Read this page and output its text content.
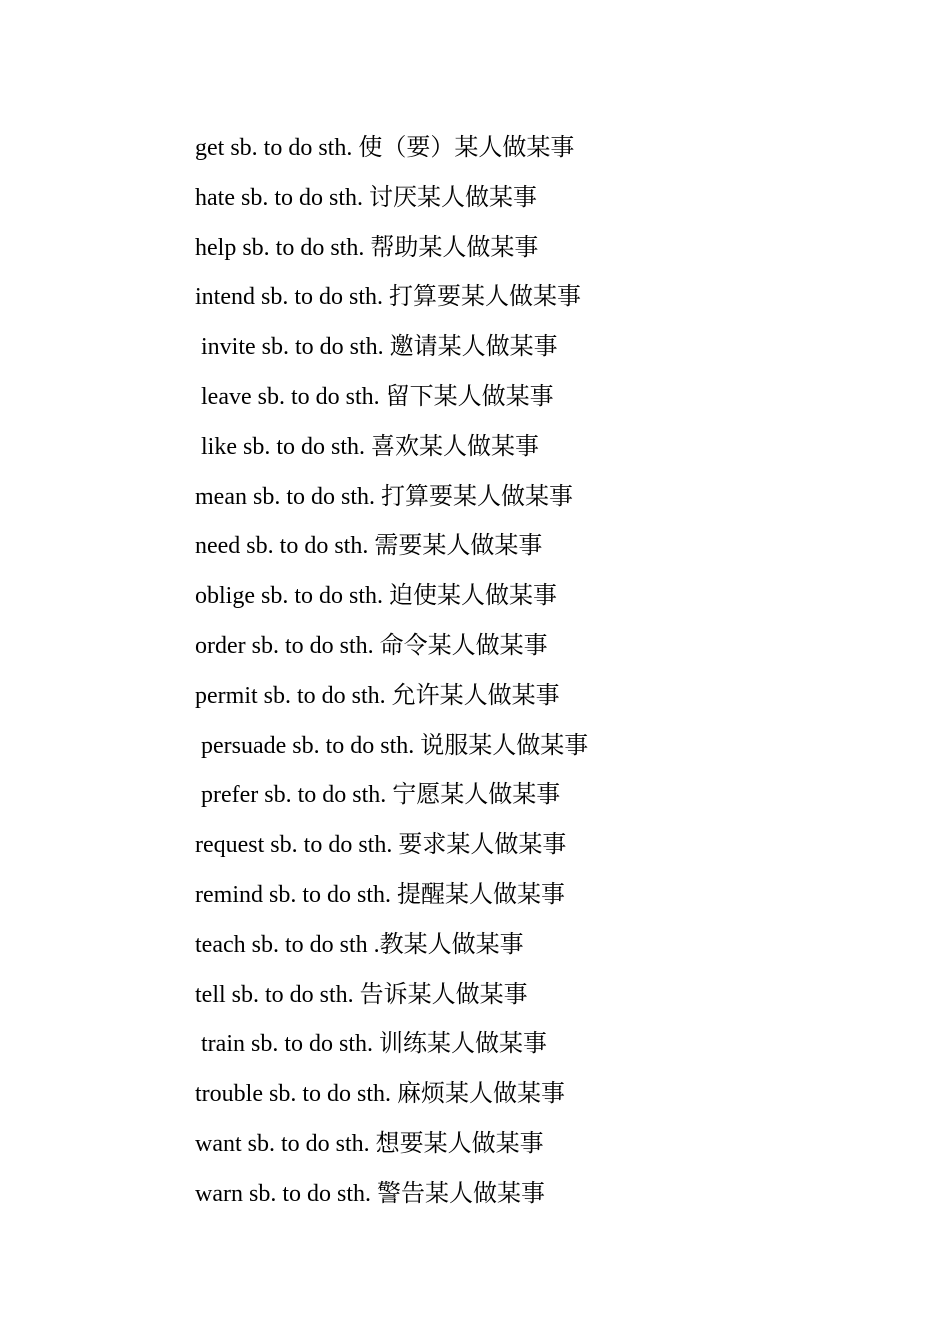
get sb. to do sth. 使（要）某人做某事
hate sb. to do sth. 讨厌某人做某事
help sb. to do sth. 帮助某人做某事
intend sb. to do sth. 打算要某人做某事
invite sb. to do sth. 邀请某人做某事
leave sb. to do sth. 留下某人做某事
like sb. to do sth. 喜欢某人做某事
mean sb. to do sth. 打算要某人做某事
need sb. to do sth. 需要某人做某事
oblige sb. to do sth. 迫使某人做某事
order sb. to do sth. 命令某人做某事
permit sb. to do sth. 允许某人做某事
persuade sb. to do sth. 说服某人做某事
prefer sb. to do sth. 宁愿某人做某事
request sb. to do sth. 要求某人做某事
remind sb. to do sth. 提醒某人做某事
teach sb. to do sth .教某人做某事
tell sb. to do sth. 告诉某人做某事
train sb. to do sth. 训练某人做某事
trouble sb. to do sth. 麻烦某人做某事
want sb. to do sth. 想要某人做某事
warn sb. to do sth. 警告某人做某事
